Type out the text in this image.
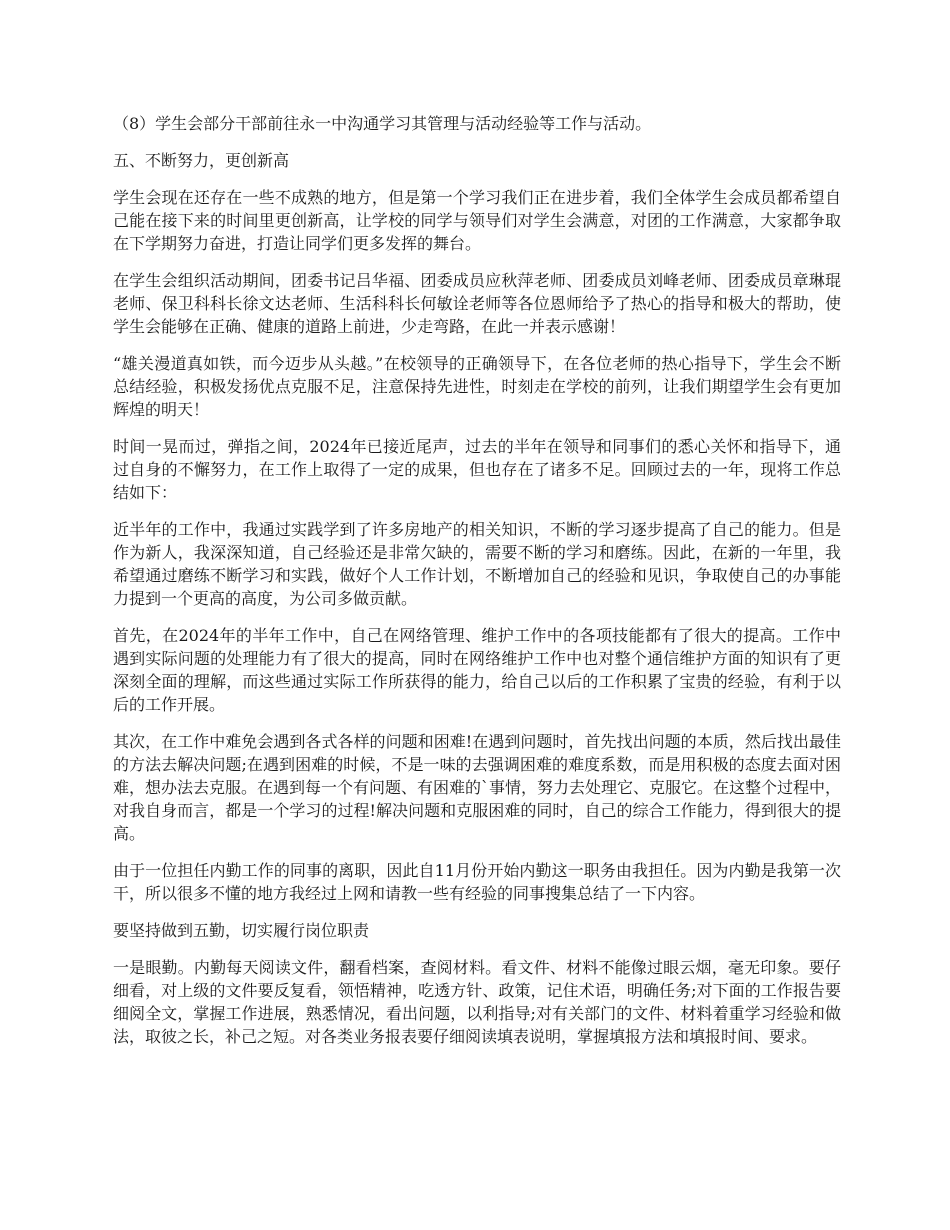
（8）学生会部分干部前往永一中沟通学习其管理与活动经验等工作与活动。

五、不断努力，更创新高

学生会现在还存在一些不成熟的地方，但是第一个学习我们正在进步着，我们全体学生会成员都希望自己能在接下来的时间里更创新高，让学校的同学与领导们对学生会满意，对团的工作满意，大家都争取在下学期努力奋进，打造让同学们更多发挥的舞台。

在学生会组织活动期间，团委书记吕华福、团委成员应秋萍老师、团委成员刘峰老师、团委成员章琳琨老师、保卫科科长徐文达老师、生活科科长何敏诠老师等各位恩师给予了热心的指导和极大的帮助，使学生会能够在正确、健康的道路上前进，少走弯路，在此一并表示感谢！

“雄关漫道真如铁，而今迈步从头越。”在校领导的正确领导下，在各位老师的热心指导下，学生会不断总结经验，积极发扬优点克服不足，注意保持先进性，时刻走在学校的前列，让我们期望学生会有更加辉煌的明天！

时间一晃而过，弹指之间，2024年已接近尾声，过去的半年在领导和同事们的悉心关怀和指导下，通过自身的不懈努力，在工作上取得了一定的成果，但也存在了诸多不足。回顾过去的一年，现将工作总结如下：

近半年的工作中，我通过实践学到了许多房地产的相关知识，不断的学习逐步提高了自己的能力。但是作为新人，我深深知道，自己经验还是非常欠缺的，需要不断的学习和磨练。因此，在新的一年里，我希望通过磨练不断学习和实践，做好个人工作计划，不断增加自己的经验和见识，争取使自己的办事能力提到一个更高的高度，为公司多做贡献。

首先，在2024年的半年工作中，自己在网络管理、维护工作中的各项技能都有了很大的提高。工作中遇到实际问题的处理能力有了很大的提高，同时在网络维护工作中也对整个通信维护方面的知识有了更深刻全面的理解，而这些通过实际工作所获得的能力，给自己以后的工作积累了宝贵的经验，有利于以后的工作开展。

其次，在工作中难免会遇到各式各样的问题和困难!在遇到问题时，首先找出问题的本质，然后找出最佳的方法去解决问题;在遇到困难的时候，不是一味的去强调困难的难度系数，而是用积极的态度去面对困难，想办法去克服。在遇到每一个有问题、有困难的`事情，努力去处理它、克服它。在这整个过程中，对我自身而言，都是一个学习的过程!解决问题和克服困难的同时，自己的综合工作能力，得到很大的提高。

由于一位担任内勤工作的同事的离职，因此自11月份开始内勤这一职务由我担任。因为内勤是我第一次干，所以很多不懂的地方我经过上网和请教一些有经验的同事搜集总结了一下内容。

要坚持做到五勤，切实履行岗位职责

一是眼勤。内勤每天阅读文件，翻看档案，查阅材料。看文件、材料不能像过眼云烟，毫无印象。要仔细看，对上级的文件要反复看，领悟精神，吃透方针、政策，记住术语，明确任务;对下面的工作报告要细阅全文，掌握工作进展，熟悉情况，看出问题，以利指导;对有关部门的文件、材料着重学习经验和做法，取彼之长，补己之短。对各类业务报表要仔细阅读填表说明，掌握填报方法和填报时间、要求。
